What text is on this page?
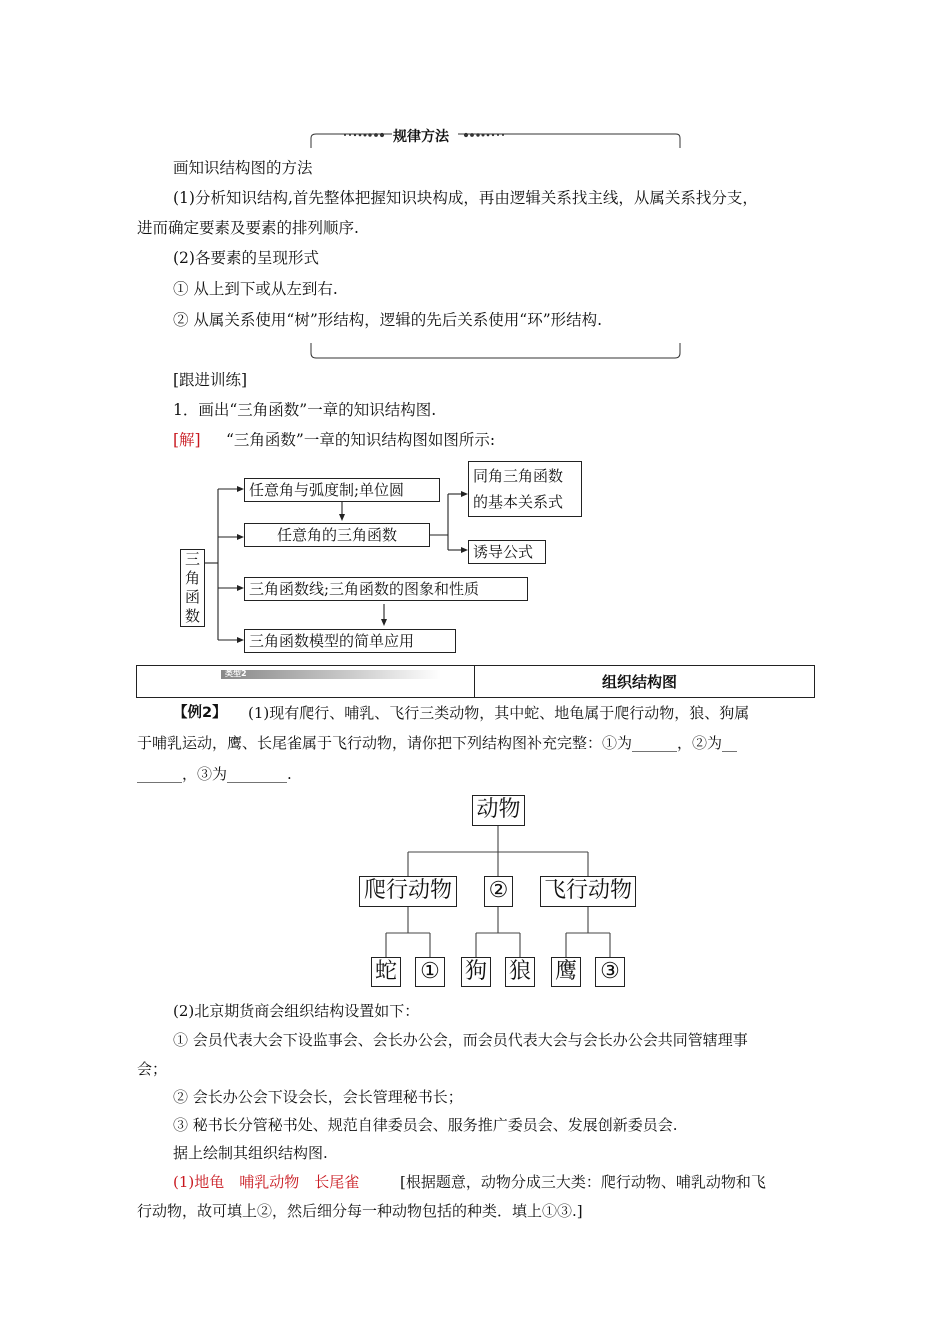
规律方法
画知识结构图的方法
(1)分析知识结构,首先整体把握知识块构成，再由逻辑关系找主线，从属关系找分支，
进而确定要素及要素的排列顺序.
(2)各要素的呈现形式
① 从上到下或从左到右.
② 从属关系使用“树”形结构，逻辑的先后关系使用“环”形结构.
[跟进训练]
1．画出“三角函数”一章的知识结构图.
[解] “三角函数”一章的知识结构图如图所示:
三
角
函
数
任意角与弧度制;单位圆
任意角的三角函数
三角函数线;三角函数的图象和性质
三角函数模型的简单应用
同角三角函数
的基本关系式
诱导公式
类型2	组织结构图
【例2】 (1)现有爬行、哺乳、飞行三类动物，其中蛇、地龟属于爬行动物，狼、狗属
于哺乳运动，鹰、长尾雀属于飞行动物，请你把下列结构图补充完整：①为______，②为__
______，③为________.
动物
爬行动物 ② 飞行动物
蛇 ① 狗 狼 鹰 ③
(2)北京期货商会组织结构设置如下：
① 会员代表大会下设监事会、会长办公会，而会员代表大会与会长办公会共同管辖理事
会；
② 会长办公会下设会长，会长管理秘书长；
③ 秘书长分管秘书处、规范自律委员会、服务推广委员会、发展创新委员会.
据上绘制其组织结构图.
(1)地龟　哺乳动物　长尾雀	[根据题意，动物分成三大类：爬行动物、哺乳动物和飞
行动物，故可填上②，然后细分每一种动物包括的种类．填上①③.]
